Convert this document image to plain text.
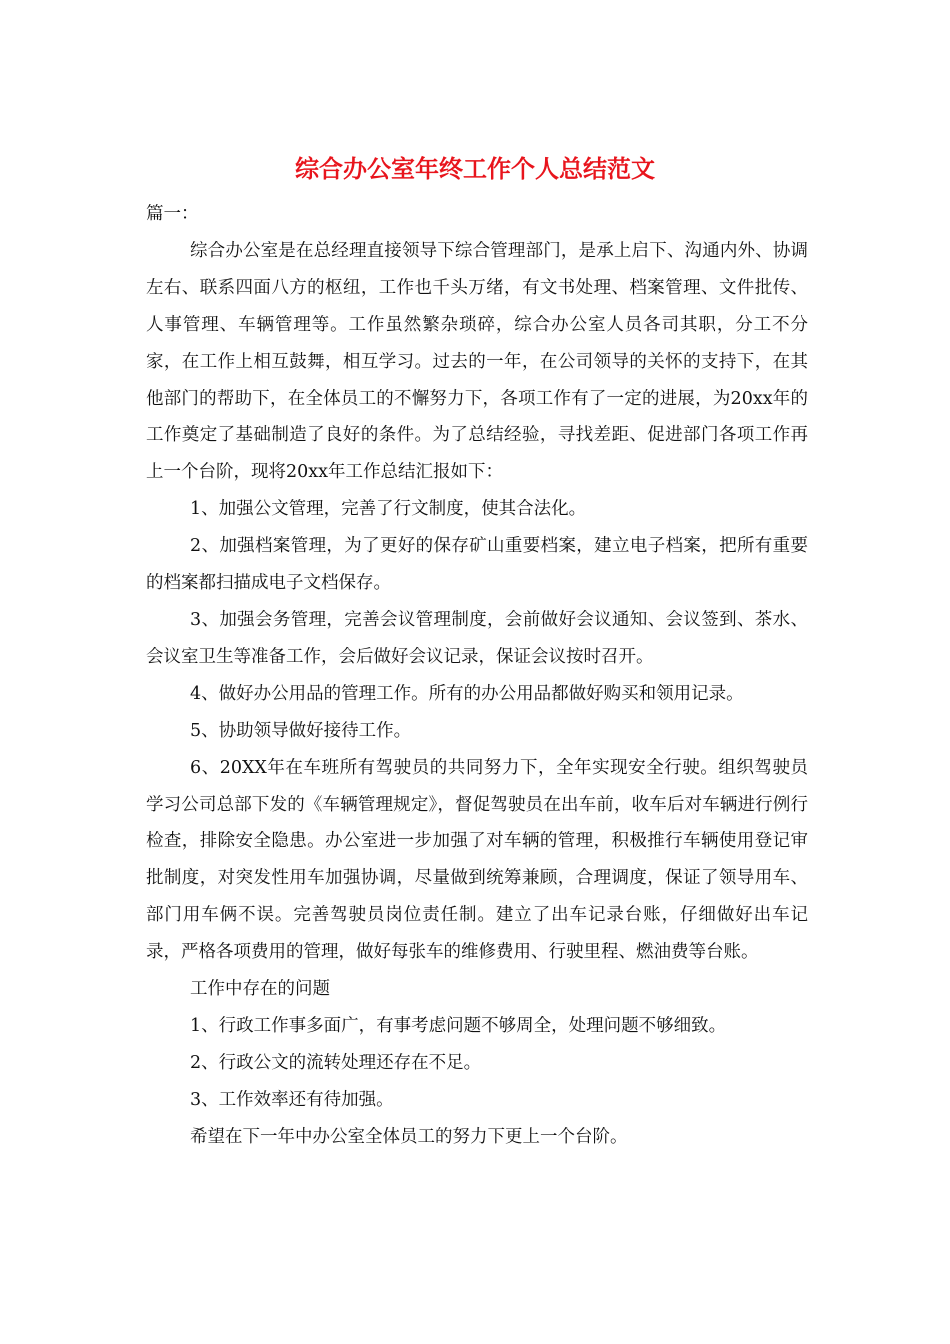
综合办公室年终工作个人总结范文

篇一：

综合办公室是在总经理直接领导下综合管理部门，是承上启下、沟通内外、协调左右、联系四面八方的枢纽，工作也千头万绪，有文书处理、档案管理、文件批传、人事管理、车辆管理等。工作虽然繁杂琐碎，综合办公室人员各司其职，分工不分家，在工作上相互鼓舞，相互学习。过去的一年，在公司领导的关怀的支持下，在其他部门的帮助下，在全体员工的不懈努力下，各项工作有了一定的进展，为20xx年的工作奠定了基础制造了良好的条件。为了总结经验，寻找差距、促进部门各项工作再上一个台阶，现将20xx年工作总结汇报如下：

1、加强公文管理，完善了行文制度，使其合法化。

2、加强档案管理，为了更好的保存矿山重要档案，建立电子档案，把所有重要的档案都扫描成电子文档保存。

3、加强会务管理，完善会议管理制度，会前做好会议通知、会议签到、茶水、会议室卫生等准备工作，会后做好会议记录，保证会议按时召开。

4、做好办公用品的管理工作。所有的办公用品都做好购买和领用记录。

5、协助领导做好接待工作。

6、20XX年在车班所有驾驶员的共同努力下，全年实现安全行驶。组织驾驶员学习公司总部下发的《车辆管理规定》，督促驾驶员在出车前，收车后对车辆进行例行检查，排除安全隐患。办公室进一步加强了对车辆的管理，积极推行车辆使用登记审批制度，对突发性用车加强协调，尽量做到统筹兼顾，合理调度，保证了领导用车、部门用车俩不误。完善驾驶员岗位责任制。建立了出车记录台账，仔细做好出车记录，严格各项费用的管理，做好每张车的维修费用、行驶里程、燃油费等台账。

工作中存在的问题

1、行政工作事多面广，有事考虑问题不够周全，处理问题不够细致。

2、行政公文的流转处理还存在不足。

3、工作效率还有待加强。

希望在下一年中办公室全体员工的努力下更上一个台阶。
